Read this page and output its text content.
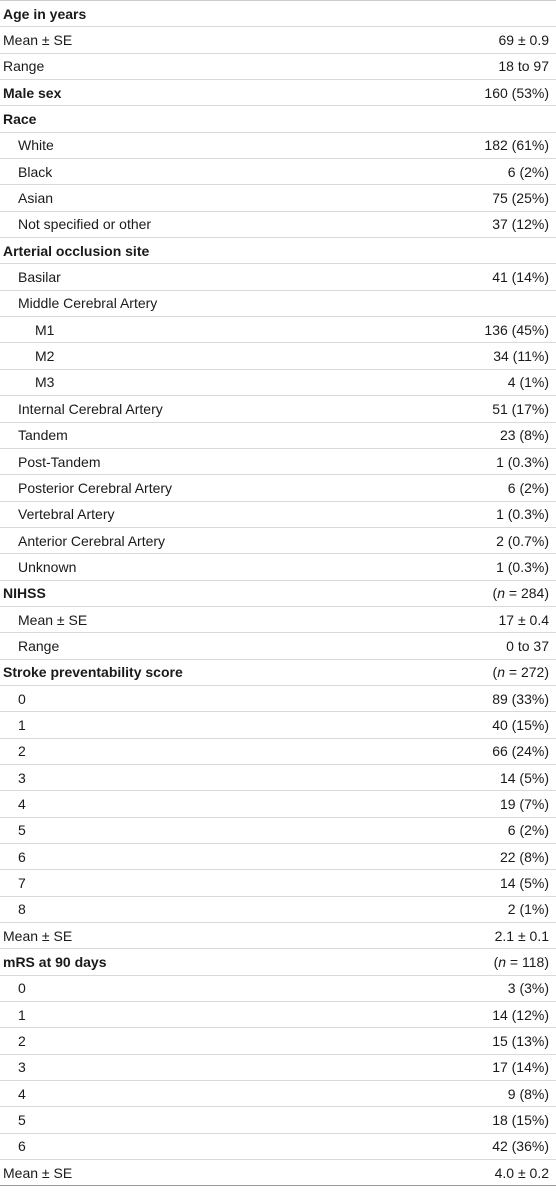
Age in years
Mean ± SE	69 ± 0.9
Range	18 to 97
Male sex	160 (53%)
Race
White	182 (61%)
Black	6 (2%)
Asian	75 (25%)
Not specified or other	37 (12%)
Arterial occlusion site
Basilar	41 (14%)
Middle Cerebral Artery
M1	136 (45%)
M2	34 (11%)
M3	4 (1%)
Internal Cerebral Artery	51 (17%)
Tandem	23 (8%)
Post-Tandem	1 (0.3%)
Posterior Cerebral Artery	6 (2%)
Vertebral Artery	1 (0.3%)
Anterior Cerebral Artery	2 (0.7%)
Unknown	1 (0.3%)
NIHSS	(n = 284)
Mean ± SE	17 ± 0.4
Range	0 to 37
Stroke preventability score	(n = 272)
0	89 (33%)
1	40 (15%)
2	66 (24%)
3	14 (5%)
4	19 (7%)
5	6 (2%)
6	22 (8%)
7	14 (5%)
8	2 (1%)
Mean ± SE	2.1 ± 0.1
mRS at 90 days	(n = 118)
0	3 (3%)
1	14 (12%)
2	15 (13%)
3	17 (14%)
4	9 (8%)
5	18 (15%)
6	42 (36%)
Mean ± SE	4.0 ± 0.2
